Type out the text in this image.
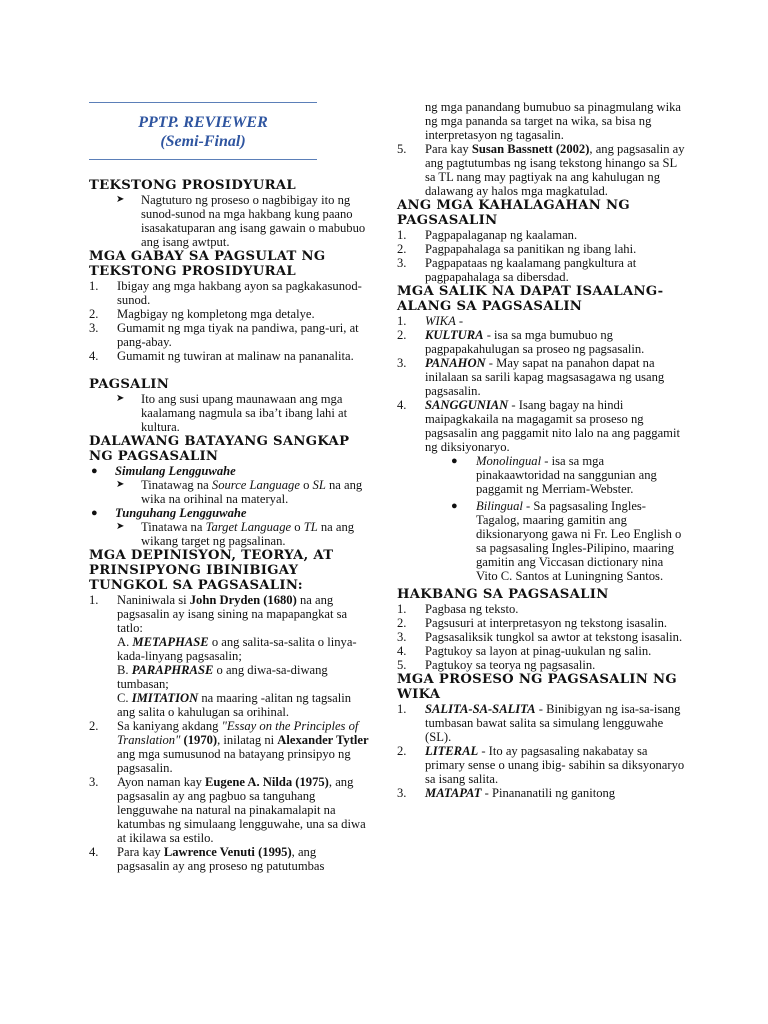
PPTP. REVIEWER
(Semi-Final)
TEKSTONG PROSIDYURAL
➤ Nagtuturo ng proseso o nagbibigay ito ng sunod-sunod na mga hakbang kung paano isasakatuparan ang isang gawain o mabubuo ang isang awtput.
MGA GABAY SA PAGSULAT NG TEKSTONG PROSIDYURAL
1. Ibigay ang mga hakbang ayon sa pagkakasunod-sunod.
2. Magbigay ng kompletong mga detalye.
3. Gumamit ng mga tiyak na pandiwa, pang-uri, at pang-abay.
4. Gumamit ng tuwiran at malinaw na pananalita.
PAGSALIN
➤ Ito ang susi upang maunawaan ang mga kaalamang nagmula sa iba’t ibang lahi at kultura.
DALAWANG BATAYANG SANGKAP NG PAGSASALIN
● Simulang Lengguwahe
➤ Tinatawag na Source Language o SL na ang wika na orihinal na materyal.
● Tunguhang Lengguwahe
➤ Tinatawa na Target Language o TL na ang wikang target ng pagsalinan.
MGA DEPINISYON, TEORYA, AT PRINSIPYONG IBINIBIGAY TUNGKOL SA PAGSASALIN:
1. Naniniwala si John Dryden (1680) na ang pagsasalin ay isang sining na mapapangkat sa tatlo:
A. METAPHASE o ang salita-sa-salita o linya-kada-linyang pagsasalin;
B. PARAPHRASE o ang diwa-sa-diwang tumbasan;
C. IMITATION na maaring -alitan ng tagsalin ang salita o kahulugan sa orihinal.
2. Sa kaniyang akdang "Essay on the Principles of Translation" (1970), inilatag ni Alexander Tytler ang mga sumusunod na batayang prinsipyo ng pagsasalin.
3. Ayon naman kay Eugene A. Nilda (1975), ang pagsasalin ay ang pagbuo sa tanguhang lengguwahe na natural na pinakamalapit na katumbas ng simulaang lengguwahe, una sa diwa at ikilawa sa estilo.
4. Para kay Lawrence Venuti (1995), ang pagsasalin ay ang proseso ng patutumbas
ng mga panandang bumubuo sa pinagmulang wika ng mga pananda sa target na wika, sa bisa ng interpretasyon ng tagasalin.
5. Para kay Susan Bassnett (2002), ang pagsasalin ay ang pagtutumbas ng isang tekstong hinango sa SL sa TL nang may pagtiyak na ang kahulugan ng dalawang ay halos mga magkatulad.
ANG MGA KAHALAGAHAN NG PAGSASALIN
1. Pagpapalaganap ng kaalaman.
2. Pagpapahalaga sa panitikan ng ibang lahi.
3. Pagpapataas ng kaalamang pangkultura at pagpapahalaga sa dibersdad.
MGA SALIK NA DAPAT ISAALANG-ALANG SA PAGSASALIN
1. WIKA -
2. KULTURA - isa sa mga bumubuo ng pagpapakahulugan sa proseo ng pagsasalin.
3. PANAHON - May sapat na panahon dapat na inilalaan sa sarili kapag magsasagawa ng usang pagsasalin.
4. SANGGUNIAN - Isang bagay na hindi maipagkakaila na magagamit sa proseso ng pagsasalin ang paggamit nito lalo na ang paggamit ng diksiyonaryo.
● Monolingual - isa sa mga pinakaawtoridad na sanggunian ang paggamit ng Merriam-Webster.
● Bilingual - Sa pagsasaling Ingles-Tagalog, maaring gamitin ang diksionaryong gawa ni Fr. Leo English o sa pagsasaling Ingles-Pilipino, maaring gamitin ang Viccasan dictionary nina Vito C. Santos at Luningning Santos.
HAKBANG SA PAGSASALIN
1. Pagbasa ng teksto.
2. Pagsusuri at interpretasyon ng tekstong isasalin.
3. Pagsasaliksik tungkol sa awtor at tekstong isasalin.
4. Pagtukoy sa layon at pinag-uukulan ng salin.
5. Pagtukoy sa teorya ng pagsasalin.
MGA PROSESO NG PAGSASALIN NG WIKA
1. SALITA-SA-SALITA - Binibigyan ng isa-sa-isang tumbasan bawat salita sa simulang lengguwahe (SL).
2. LITERAL - Ito ay pagsasaling nakabatay sa primary sense o unang ibig- sabihin sa diksyonaryo sa isang salita.
3. MATAPAT - Pinananatili ng ganitong
